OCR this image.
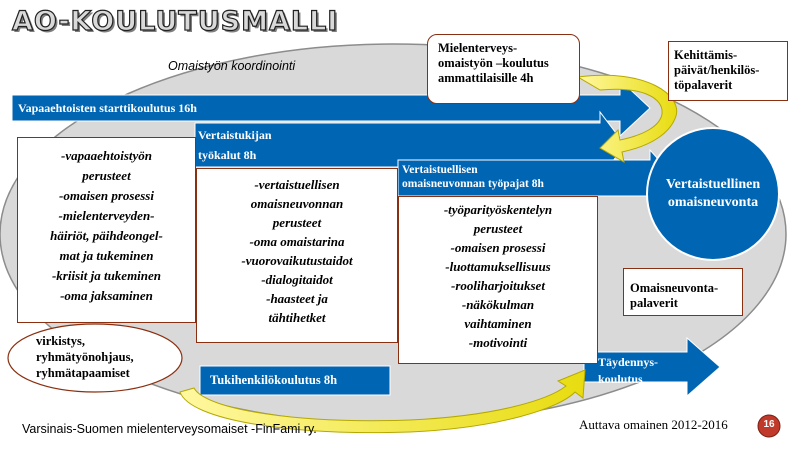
AO-KOULUTUSMALLI
Omaistyön koordinointi
Vapaaehtoisten starttikoulutus 16h
Vertaistukijan
työkalut 8h
Vertaistuellisen
omaisneuvonnan työpajat 8h
Tukihenkilökoulutus 8h
Täydennys-
koulutus
Vertaistuellinen
omaisneuvonta
Mielenterveys-
omaistyön –koulutus
ammattilaisille 4h
Kehittämis-
päivät/henkilös-
töpalaverit
Omaisneuvonta-
palaverit
virkistys,
ryhmätyönohjaus,
ryhmätapaamiset
-vapaaehtoistyön
perusteet
-omaisen prosessi
-mielenterveyden-
häiriöt, päihdeongel-
mat ja tukeminen
-kriisit ja tukeminen
-oma jaksaminen
-vertaistuellisen
omaisneuvonnan
perusteet
-oma omaistarina
-vuorovaikutustaidot
-dialogitaidot
-haasteet ja
tähtihetket
-työparityöskentelyn
perusteet
-omaisen prosessi
-luottamuksellisuus
-rooliharjoitukset
-näkökulman
vaihtaminen
-motivointi
Varsinais-Suomen mielenterveysomaiset -FinFami ry.	Auttava omainen 2012-2016	16
